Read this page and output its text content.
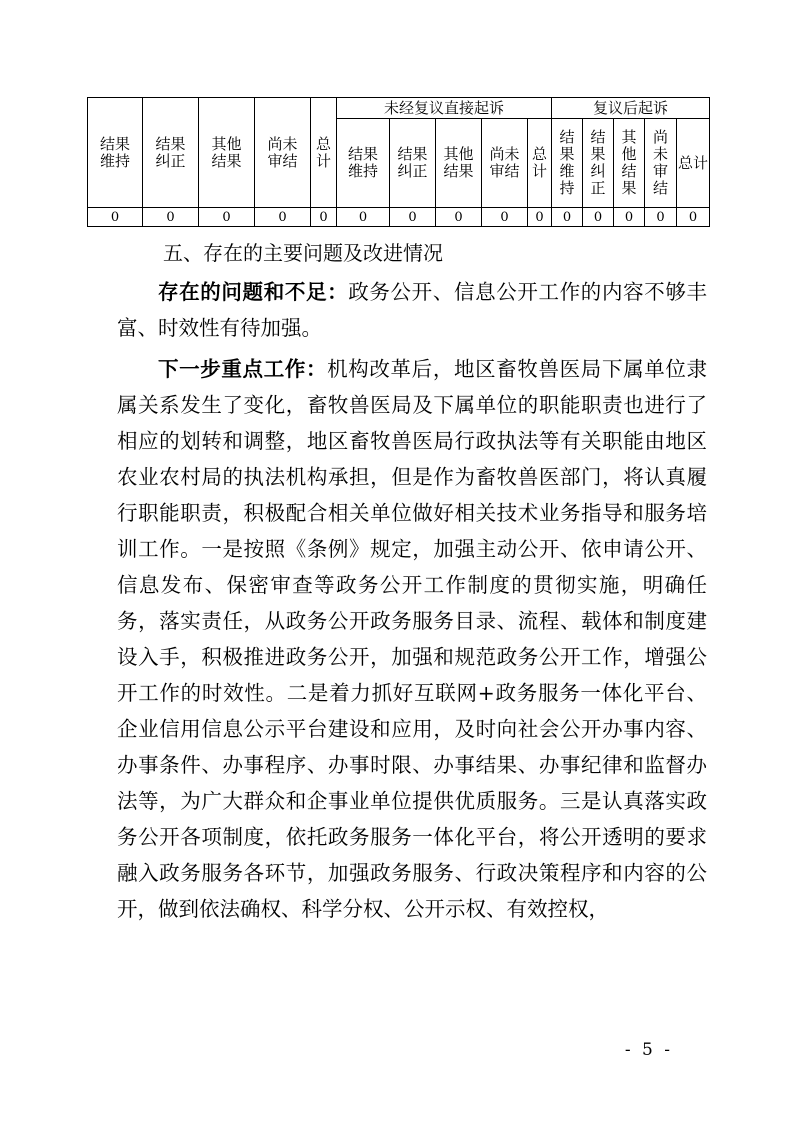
结果维持	结果纠正	其他结果	尚未审结	总计	未经复议直接起诉					复议后起诉				
					结果维持	结果纠正	其他结果	尚未审结	总计	结果维持	结果纠正	其他结果	尚未审结	总计
0	0	0	0	0	0	0	0	0	0	0	0	0	0	0
五、存在的主要问题及改进情况

存在的问题和不足：政务公开、信息公开工作的内容不够丰富、时效性有待加强。

下一步重点工作：机构改革后，地区畜牧兽医局下属单位隶属关系发生了变化，畜牧兽医局及下属单位的职能职责也进行了相应的划转和调整，地区畜牧兽医局行政执法等有关职能由地区农业农村局的执法机构承担，但是作为畜牧兽医部门，将认真履行职能职责，积极配合相关单位做好相关技术业务指导和服务培训工作。一是按照《条例》规定，加强主动公开、依申请公开、信息发布、保密审查等政务公开工作制度的贯彻实施，明确任务，落实责任，从政务公开政务服务目录、流程、载体和制度建设入手，积极推进政务公开，加强和规范政务公开工作，增强公开工作的时效性。二是着力抓好互联网+政务服务一体化平台、企业信用信息公示平台建设和应用，及时向社会公开办事内容、办事条件、办事程序、办事时限、办事结果、办事纪律和监督办法等，为广大群众和企事业单位提供优质服务。三是认真落实政务公开各项制度，依托政务服务一体化平台，将公开透明的要求融入政务服务各环节，加强政务服务、行政决策程序和内容的公开，做到依法确权、科学分权、公开示权、有效控权，

- 5 -
